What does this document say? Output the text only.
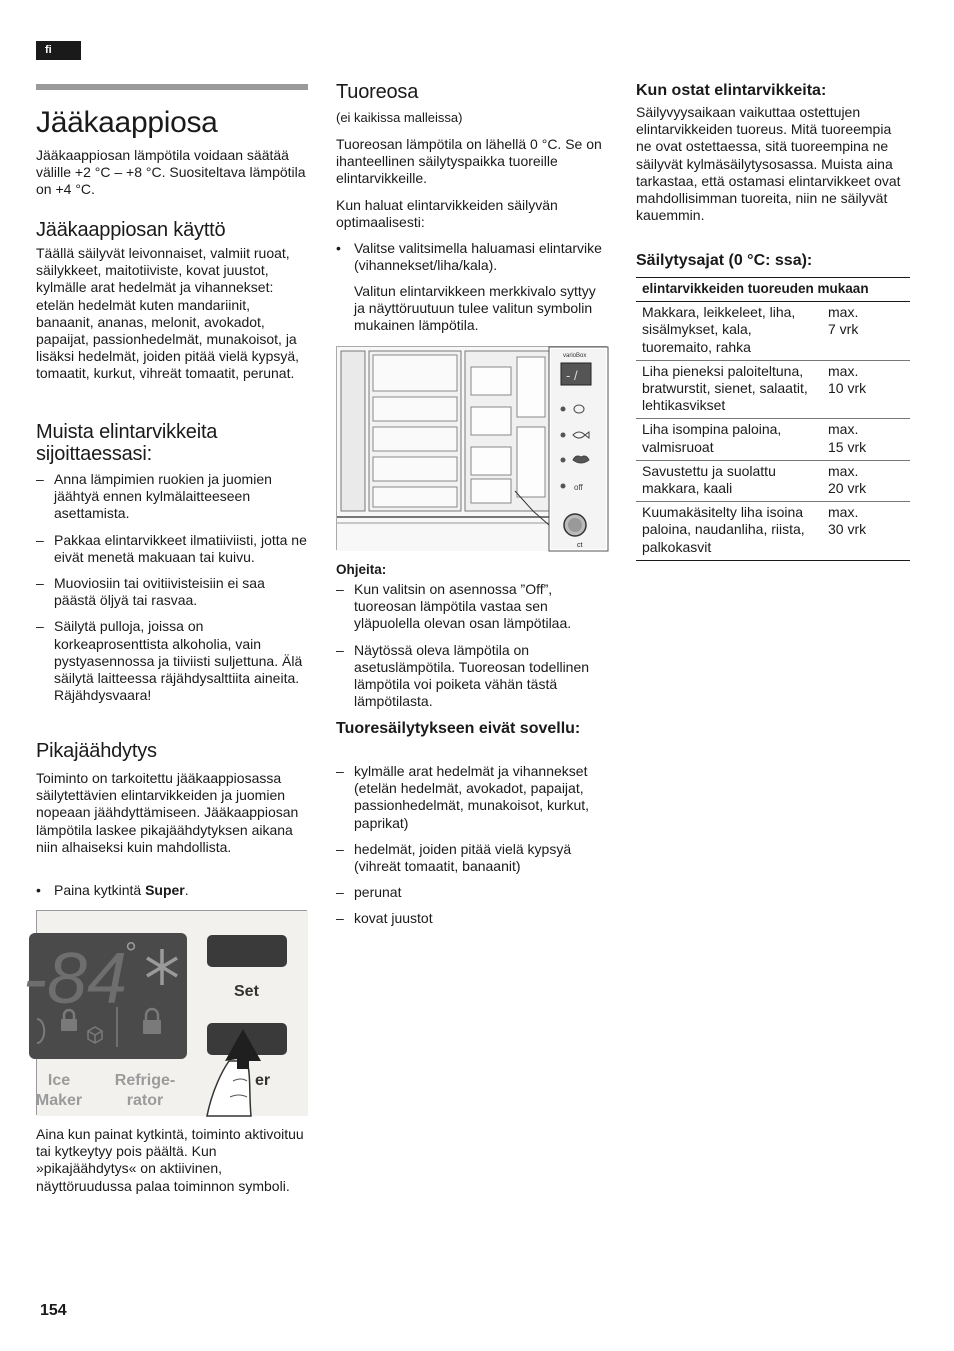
fi
Jääkaappiosa

Jääkaappiosan lämpötila voidaan säätää välille +2 °C – +8 °C. Suositeltava lämpötila on +4 °C.

Jääkaappiosan käyttö

Täällä säilyvät leivonnaiset, valmiit ruoat, säilykkeet, maitotiiviste, kovat juustot, kylmälle arat hedelmät ja vihannekset: etelän hedelmät kuten mandariinit, banaanit, ananas, melonit, avokadot, papaijat, passionhedelmät, munakoisot, ja lisäksi hedelmät, joiden pitää vielä kypsyä, tomaatit, kurkut, vihreät tomaatit, perunat.

Muista elintarvikkeita sijoittaessasi:
– Anna lämpimien ruokien ja juomien jäähtyä ennen kylmälaitteeseen asettamista.
– Pakkaa elintarvikkeet ilmatiiviisti, jotta ne eivät menetä makuaan tai kuivu.
– Muoviosiin tai ovitiivisteisiin ei saa päästä öljyä tai rasvaa.
– Säilytä pulloja, joissa on korkeaprosenttista alkoholia, vain pystyasennossa ja tiiviisti suljettuna. Älä säilytä laitteessa räjähdysalttiita aineita. Räjähdysvaara!
Pikajäähdytys

Toiminto on tarkoitettu jääkaappiosassa säilytettävien elintarvikkeiden ja juomien nopeaan jäähdyttämiseen. Jääkaappiosan lämpötila laskee pikajäähdytyksen aikana niin alhaiseksi kuin mahdollista.

• Paina kytkintä Super.
-84
°
Set
er
Ice
Maker
Refrige-
rator

Aina kun painat kytkintä, toiminto aktivoituu tai kytkeytyy pois päältä. Kun »pikajäähdytys« on aktiivinen, näyttöruudussa palaa toiminnon symboli.

Tuoreosa

(ei kaikissa malleissa)

Tuoreosan lämpötila on lähellä 0 °C. Se on ihanteellinen säilytyspaikka tuoreille elintarvikkeille.

Kun haluat elintarvikkeiden säilyvän optimaalisesti:

• Valitse valitsimella haluamasi elintarvike (vihannekset/liha/kala).

Valitun elintarvikkeen merkkivalo syttyy ja näyttöruutuun tulee valitun symbolin mukainen lämpötila.

varioBox
- /
off
ct

Ohjeita:

– Kun valitsin on asennossa ”Off”, tuoreosan lämpötila vastaa sen yläpuolella olevan osan lämpötilaa.
– Näytössä oleva lämpötila on asetuslämpötila. Tuoreosan todellinen lämpötila voi poiketa vähän tästä lämpötilasta.
Tuoresäilytykseen eivät sovellu:
– kylmälle arat hedelmät ja vihannekset (etelän hedelmät, avokadot, papaijat, passionhedelmät, munakoisot, kurkut, paprikat)
– hedelmät, joiden pitää vielä kypsyä (vihreät tomaatit, banaanit)
– perunat
– kovat juustot
Kun ostat elintarvikkeita:

Säilyvyysaikaan vaikuttaa ostettujen elintarvikkeiden tuoreus. Mitä tuoreempia ne ovat ostettaessa, sitä tuoreempina ne säilyvät kylmäsäilytysosassa. Muista aina tarkastaa, että ostamasi elintarvikkeet ovat mahdollisimman tuoreita, niin ne säilyvät kauemmin.

Säilytysajat (0 °C: ssa):
elintarvikkeiden tuoreuden mukaan	
Makkara, leikkeleet, liha, sisälmykset, kala, tuoremaito, rahka	max.
7 vrk
Liha pieneksi paloiteltuna, bratwurstit, sienet, salaatit, lehtikasvikset	max.
10 vrk
Liha isompina paloina, valmisruoat	max.
15 vrk
Savustettu ja suolattu makkara, kaali	max.
20 vrk
Kuumakäsitelty liha isoina paloina, naudanliha, riista, palkokasvit	max.
30 vrk
154
